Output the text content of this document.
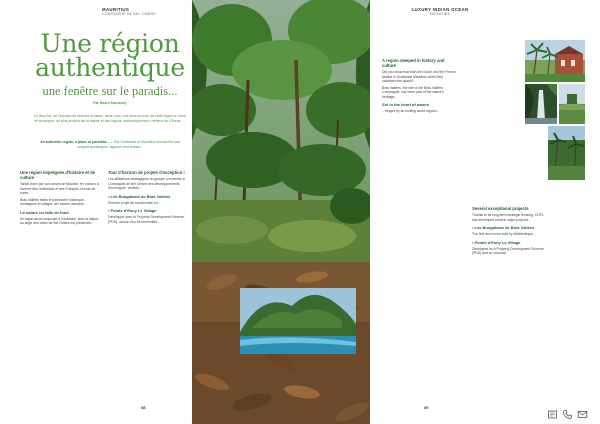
MAURITIUS
COMPAGNIE DE BEL OMBRE
Une région authentique
une fenêtre sur le paradis...
Par Bashi Karsaney

Le Sud-Est, de l'époque de Maurice le tabac, leurs vues, une terre au sud, de cette région à chérir et remarquer, au plus profond de la nature et des lagons, authentiquement, remerci de l'Océan, ...

An authentic region, a place of paradise... – The Southeast of Mauritius reveals the last unspoilt landscapes, lagoons and forests...

Une région imprégnée d'histoire et de culture

Tantôt tracé par voix anses de Maurice, fer camion à l'arrière des Hollandais et des Français à fonds de sucre...

Bras Vallées étaits le patrimoine historique, montagnes et villages de l'ancien domaine...

La nature un talle de fond

Un lagon aussi turquoise à l'ordinaire, dont la nature au large des côtes de Bel Ombre est préservée...

Tour d'horizon de projets d'exception !

Les affiliations stratégiques du groupe ont permis à Compagnie de Bel Ombre des développements d'envergure, visibles...

• Les Bungalows de Bras Vallées

Premier projet de construction en...

• Pointe d'Esny Le Village

Développé avec la Property Development Scheme (PDS), autour d'un bel ensemble...

58
LUXURY INDIAN OCEAN
MAGAZINE
A region steeped in history and culture

Did you know that both the Dutch and the French landed in Southeast Mauritius when they colonised the island?...

Bras Vallées, the site of the Bras Vallées Compagnie, has been part of the island's heritage...

Set in the heart of nature

...fringed by an inviting azure lagoon...

Several exceptional projects

Thanks to its long-term strategic thinking, CDPL has developed several major projects...

• Les Bungalows de Bras Vallées

The first new home built by Midthentique...

• Pointe d'Esny Le Village

Developed as a Property Development Scheme (PDS) and an unusual...

59
